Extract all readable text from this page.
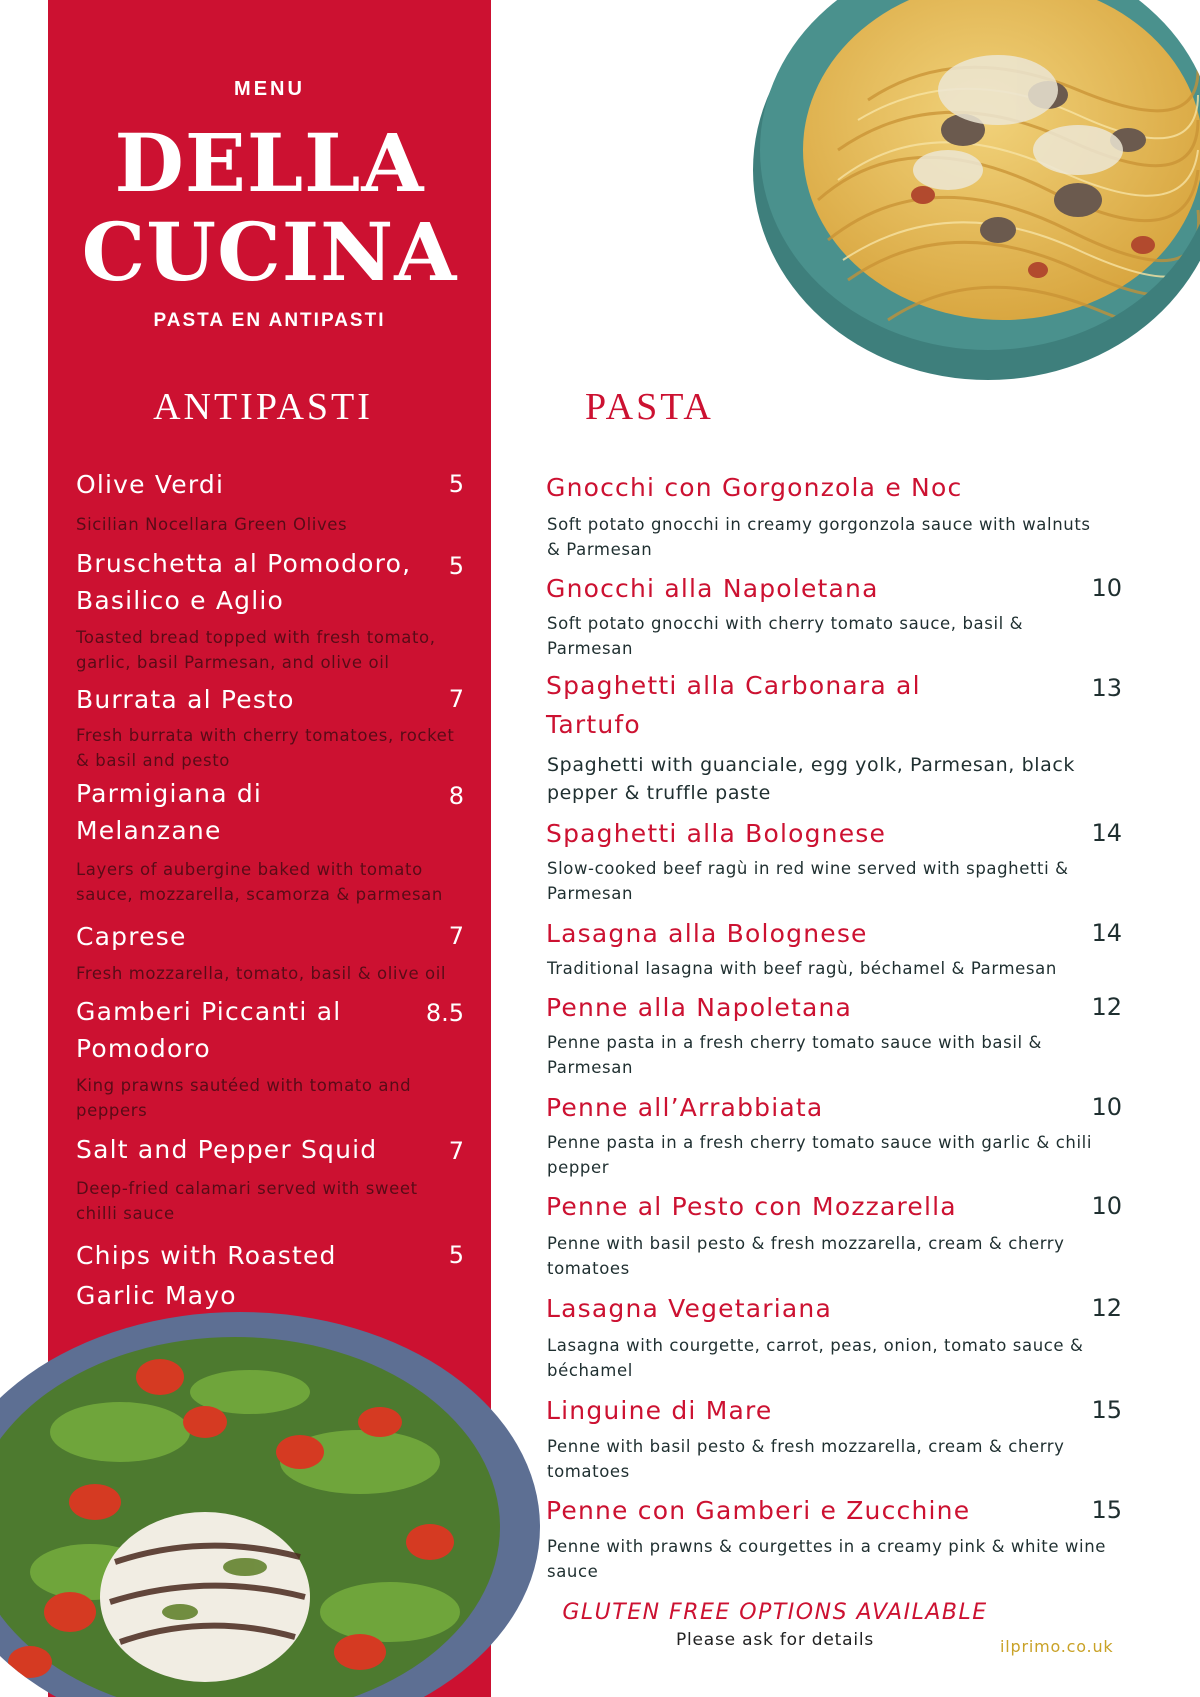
MENU
DELLA
CUCINA
PASTA EN ANTIPASTI
ANTIPASTI	PASTA
Olive Verdi	5
Sicilian Nocellara Green Olives
Bruschetta al Pomodoro,
Basilico e Aglio
5
Toasted bread topped with fresh tomato,
garlic, basil Parmesan, and olive oil
Burrata al Pesto	7
Fresh burrata with cherry tomatoes, rocket
& basil and pesto
Parmigiana di
Melanzane
8
Layers of aubergine baked with tomato
sauce, mozzarella, scamorza & parmesan
Caprese	7
Fresh mozzarella, tomato, basil & olive oil
Gamberi Piccanti al
Pomodoro
8.5
King prawns sautéed with tomato and
peppers
Salt and Pepper Squid	7
Deep-fried calamari served with sweet
chilli sauce
Chips with Roasted
Garlic Mayo
5
Gnocchi con Gorgonzola e Noc
Soft potato gnocchi in creamy gorgonzola sauce with walnuts
& Parmesan
Gnocchi alla Napoletana	10
Soft potato gnocchi with cherry tomato sauce, basil &
Parmesan
Spaghetti alla Carbonara al
Tartufo
13
Spaghetti with guanciale, egg yolk, Parmesan, black
pepper & truffle paste
Spaghetti alla Bolognese	14
Slow-cooked beef ragù in red wine served with spaghetti &
Parmesan
Lasagna alla Bolognese	14
Traditional lasagna with beef ragù, béchamel & Parmesan
Penne alla Napoletana	12
Penne pasta in a fresh cherry tomato sauce with basil &
Parmesan
Penne all’Arrabbiata	10
Penne pasta in a fresh cherry tomato sauce with garlic & chili
pepper
Penne al Pesto con Mozzarella	10
Penne with basil pesto & fresh mozzarella, cream & cherry
tomatoes
Lasagna Vegetariana	12
Lasagna with courgette, carrot, peas, onion, tomato sauce &
béchamel
Linguine di Mare	15
Penne with basil pesto & fresh mozzarella, cream & cherry
tomatoes
Penne con Gamberi e Zucchine	15
Penne with prawns & courgettes in a creamy pink & white wine
sauce
GLUTEN FREE OPTIONS AVAILABLE
Please ask for details	ilprimo.co.uk
